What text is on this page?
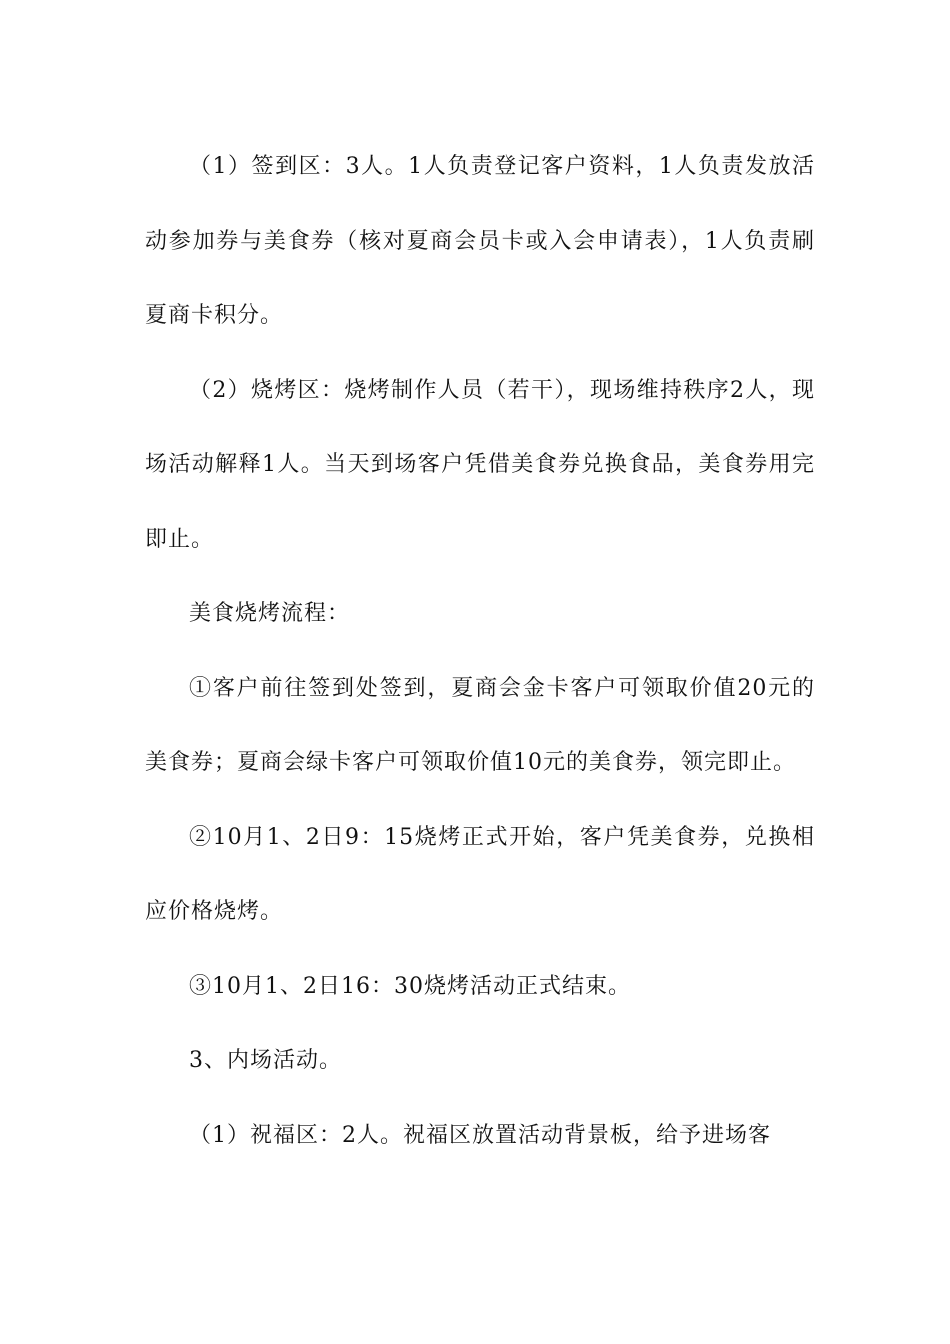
（1）签到区：3人。1人负责登记客户资料，1人负责发放活动参加券与美食券（核对夏商会员卡或入会申请表），1人负责刷夏商卡积分。

（2）烧烤区：烧烤制作人员（若干），现场维持秩序2人，现场活动解释1人。当天到场客户凭借美食券兑换食品，美食券用完即止。

美食烧烤流程：

①客户前往签到处签到，夏商会金卡客户可领取价值20元的美食券；夏商会绿卡客户可领取价值10元的美食券，领完即止。

②10月1、2日9：15烧烤正式开始，客户凭美食券，兑换相应价格烧烤。

③10月1、2日16：30烧烤活动正式结束。

3、内场活动。

（1）祝福区：2人。祝福区放置活动背景板，给予进场客
